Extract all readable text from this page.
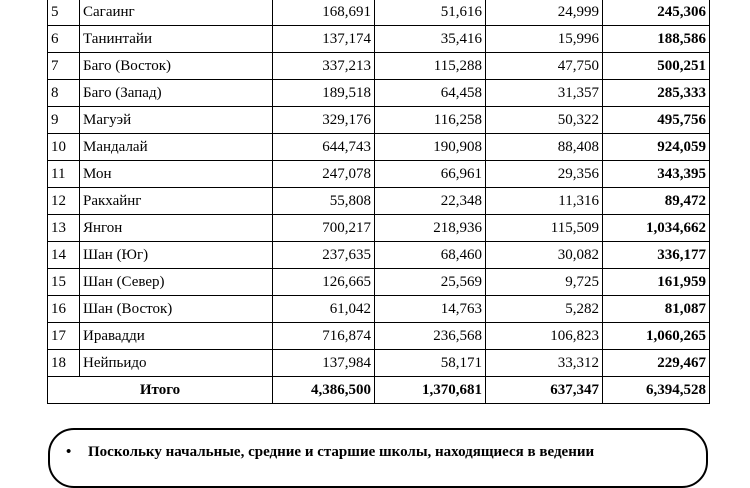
5	Сагаинг	168,691	51,616	24,999	245,306
6	Танинтайи	137,174	35,416	15,996	188,586
7	Баго (Восток)	337,213	115,288	47,750	500,251
8	Баго (Запад)	189,518	64,458	31,357	285,333
9	Магуэй	329,176	116,258	50,322	495,756
10	Мандалай	644,743	190,908	88,408	924,059
11	Мон	247,078	66,961	29,356	343,395
12	Ракхайнг	55,808	22,348	11,316	89,472
13	Янгон	700,217	218,936	115,509	1,034,662
14	Шан (Юг)	237,635	68,460	30,082	336,177
15	Шан (Север)	126,665	25,569	9,725	161,959
16	Шан (Восток)	61,042	14,763	5,282	81,087
17	Иравадди	716,874	236,568	106,823	1,060,265
18	Нейпьидо	137,984	58,171	33,312	229,467
Итого		4,386,500	1,370,681	637,347	6,394,528
• Поскольку начальные, средние и старшие школы, находящиеся в ведении
